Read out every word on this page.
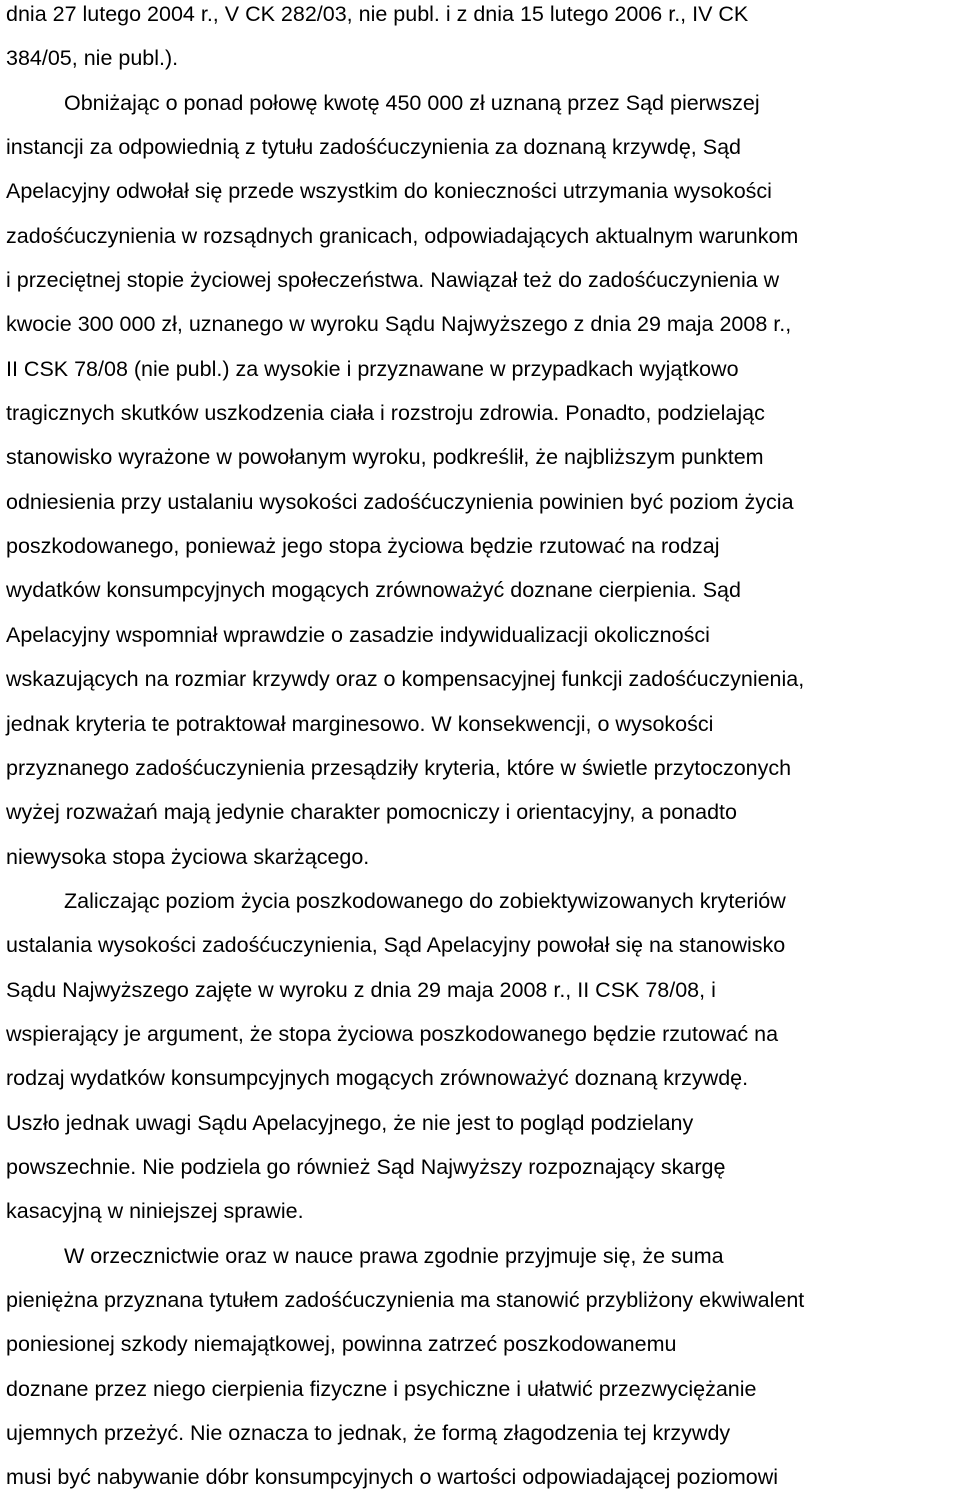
dnia 27 lutego 2004 r., V CK 282/03, nie publ. i z dnia 15 lutego 2006 r., IV CK
384/05, nie publ.).
Obniżając o ponad połowę kwotę 450 000 zł uznaną przez Sąd pierwszej
instancji za odpowiednią z tytułu zadośćuczynienia za doznaną krzywdę, Sąd
Apelacyjny odwołał się przede wszystkim do konieczności utrzymania wysokości
zadośćuczynienia w rozsądnych granicach, odpowiadających aktualnym warunkom
i przeciętnej stopie życiowej społeczeństwa. Nawiązał też do zadośćuczynienia w
kwocie 300 000 zł, uznanego w wyroku Sądu Najwyższego z dnia 29 maja 2008 r.,
II CSK 78/08 (nie publ.) za wysokie i przyznawane w przypadkach wyjątkowo
tragicznych skutków uszkodzenia ciała i rozstroju zdrowia. Ponadto, podzielając
stanowisko wyrażone w powołanym wyroku, podkreślił, że najbliższym punktem
odniesienia przy ustalaniu wysokości zadośćuczynienia powinien być poziom życia
poszkodowanego, ponieważ jego stopa życiowa będzie rzutować na rodzaj
wydatków konsumpcyjnych mogących zrównoważyć doznane cierpienia. Sąd
Apelacyjny wspomniał wprawdzie o zasadzie indywidualizacji okoliczności
wskazujących na rozmiar krzywdy oraz o kompensacyjnej funkcji zadośćuczynienia,
jednak kryteria te potraktował marginesowo. W konsekwencji, o wysokości
przyznanego zadośćuczynienia przesądziły kryteria, które w świetle przytoczonych
wyżej rozważań mają jedynie charakter pomocniczy i orientacyjny, a ponadto
niewysoka stopa życiowa skarżącego.
Zaliczając poziom życia poszkodowanego do zobiektywizowanych kryteriów
ustalania wysokości zadośćuczynienia, Sąd Apelacyjny powołał się na stanowisko
Sądu Najwyższego zajęte w wyroku z dnia 29 maja 2008 r., II CSK 78/08, i
wspierający je argument, że stopa życiowa poszkodowanego będzie rzutować na
rodzaj wydatków konsumpcyjnych mogących zrównoważyć doznaną krzywdę.
Uszło jednak uwagi Sądu Apelacyjnego, że nie jest to pogląd podzielany
powszechnie. Nie podziela go również Sąd Najwyższy rozpoznający skargę
kasacyjną w niniejszej sprawie.
W orzecznictwie oraz w nauce prawa zgodnie przyjmuje się, że suma
pieniężna przyznana tytułem zadośćuczynienia ma stanowić przybliżony ekwiwalent
poniesionej szkody niemajątkowej, powinna zatrzeć poszkodowanemu
doznane przez niego cierpienia fizyczne i psychiczne i ułatwić przezwyciężanie
ujemnych przeżyć. Nie oznacza to jednak, że formą złagodzenia tej krzywdy
musi być nabywanie dóbr konsumpcyjnych o wartości odpowiadającej poziomowi
